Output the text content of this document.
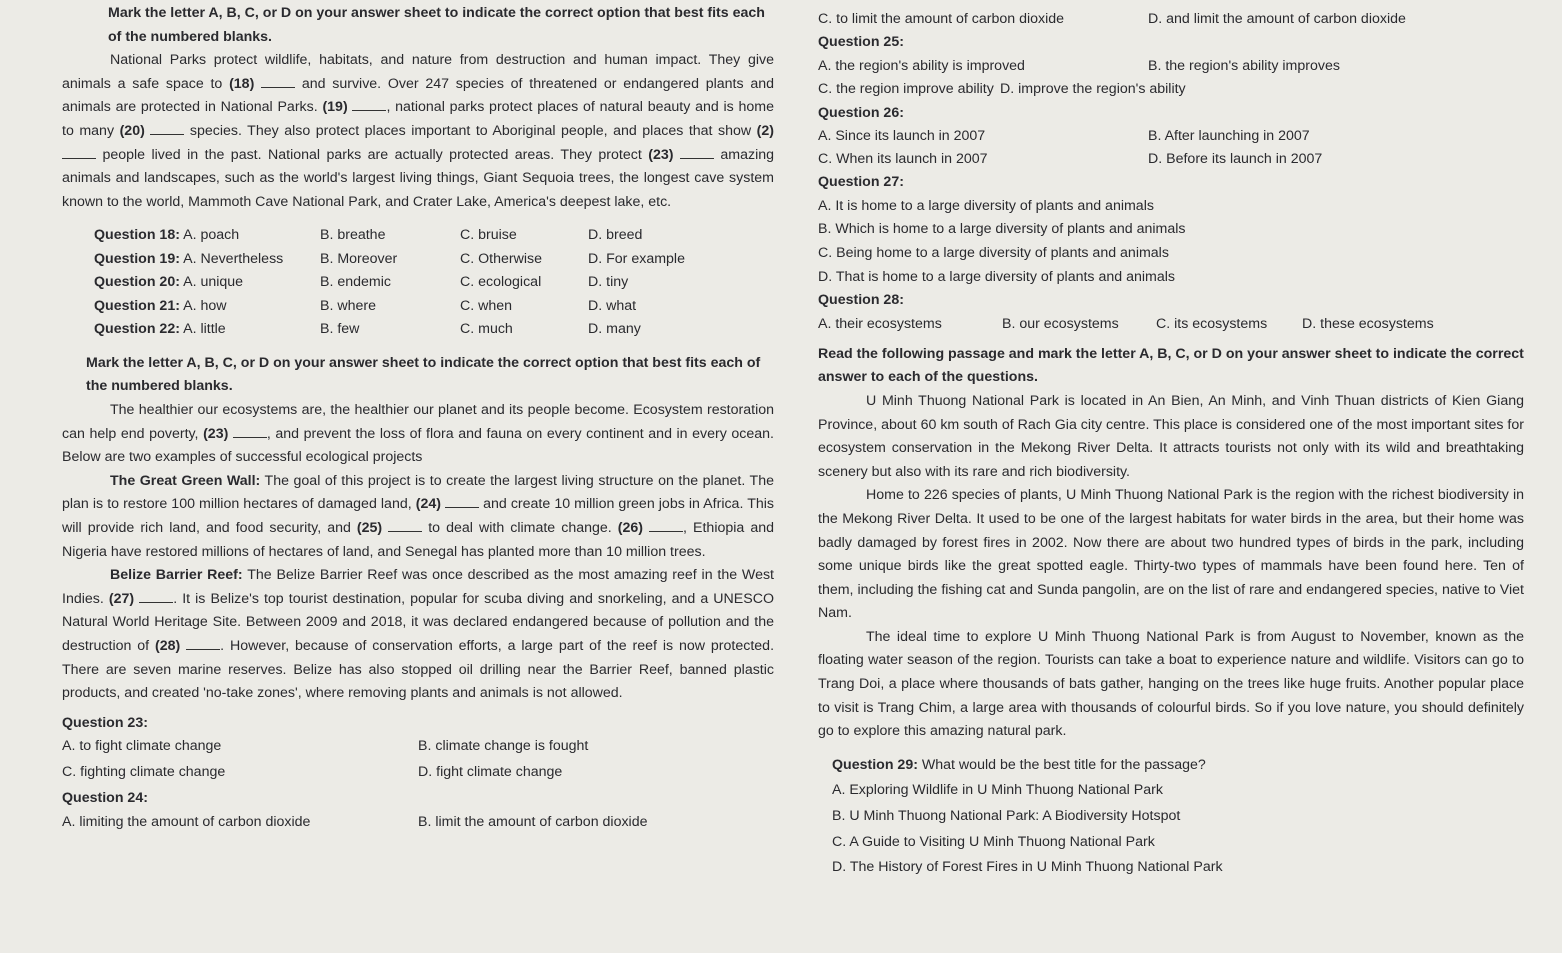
Mark the letter A, B, C, or D on your answer sheet to indicate the correct option that best fits each of the numbered blanks.

National Parks protect wildlife, habitats, and nature from destruction and human impact. They give animals a safe space to (18)  and survive. Over 247 species of threatened or endangered plants and animals are protected in National Parks. (19) , national parks protect places of natural beauty and is home to many (20)  species. They also protect places important to Aboriginal people, and places that show (2)  people lived in the past. National parks are actually protected areas. They protect (23)  amazing animals and landscapes, such as the world's largest living things, Giant Sequoia trees, the longest cave system known to the world, Mammoth Cave National Park, and Crater Lake, America's deepest lake, etc.

Question 18: A. poach	B. breathe	C. bruise	D. breed
Question 19: A. Nevertheless	B. Moreover	C. Otherwise	D. For example
Question 20: A. unique	B. endemic	C. ecological	D. tiny
Question 21: A. how	B. where	C. when	D. what
Question 22: A. little	B. few	C. much	D. many

Mark the letter A, B, C, or D on your answer sheet to indicate the correct option that best fits each of the numbered blanks.

The healthier our ecosystems are, the healthier our planet and its people become. Ecosystem restoration can help end poverty, (23) , and prevent the loss of flora and fauna on every continent and in every ocean. Below are two examples of successful ecological projects

The Great Green Wall: The goal of this project is to create the largest living structure on the planet. The plan is to restore 100 million hectares of damaged land, (24)  and create 10 million green jobs in Africa. This will provide rich land, and food security, and (25)  to deal with climate change. (26) , Ethiopia and Nigeria have restored millions of hectares of land, and Senegal has planted more than 10 million trees.

Belize Barrier Reef: The Belize Barrier Reef was once described as the most amazing reef in the West Indies. (27) . It is Belize's top tourist destination, popular for scuba diving and snorkeling, and a UNESCO Natural World Heritage Site. Between 2009 and 2018, it was declared endangered because of pollution and the destruction of (28) . However, because of conservation efforts, a large part of the reef is now protected. There are seven marine reserves. Belize has also stopped oil drilling near the Barrier Reef, banned plastic products, and created 'no-take zones', where removing plants and animals is not allowed.

Question 23:

A. to fight climate change	B. climate change is fought
C. fighting climate change	D. fight climate change

Question 24:

A. limiting the amount of carbon dioxide	B. limit the amount of carbon dioxide
C. to limit the amount of carbon dioxide	D. and limit the amount of carbon dioxide

Question 25:

A. the region's ability is improved	B. the region's ability improves
C. the region improve ability D. improve the region's ability

Question 26:

A. Since its launch in 2007	B. After launching in 2007
C. When its launch in 2007	D. Before its launch in 2007

Question 27:

A. It is home to a large diversity of plants and animals

B. Which is home to a large diversity of plants and animals

C. Being home to a large diversity of plants and animals

D. That is home to a large diversity of plants and animals

Question 28:

A. their ecosystems	B. our ecosystems	C. its ecosystems	D. these ecosystems

Read the following passage and mark the letter A, B, C, or D on your answer sheet to indicate the correct answer to each of the questions.

U Minh Thuong National Park is located in An Bien, An Minh, and Vinh Thuan districts of Kien Giang Province, about 60 km south of Rach Gia city centre. This place is considered one of the most important sites for ecosystem conservation in the Mekong River Delta. It attracts tourists not only with its wild and breathtaking scenery but also with its rare and rich biodiversity.

Home to 226 species of plants, U Minh Thuong National Park is the region with the richest biodiversity in the Mekong River Delta. It used to be one of the largest habitats for water birds in the area, but their home was badly damaged by forest fires in 2002. Now there are about two hundred types of birds in the park, including some unique birds like the great spotted eagle. Thirty-two types of mammals have been found here. Ten of them, including the fishing cat and Sunda pangolin, are on the list of rare and endangered species, native to Viet Nam.

The ideal time to explore U Minh Thuong National Park is from August to November, known as the floating water season of the region. Tourists can take a boat to experience nature and wildlife. Visitors can go to Trang Doi, a place where thousands of bats gather, hanging on the trees like huge fruits. Another popular place to visit is Trang Chim, a large area with thousands of colourful birds. So if you love nature, you should definitely go to explore this amazing natural park.

Question 29: What would be the best title for the passage?

A. Exploring Wildlife in U Minh Thuong National Park

B. U Minh Thuong National Park: A Biodiversity Hotspot

C. A Guide to Visiting U Minh Thuong National Park

D. The History of Forest Fires in U Minh Thuong National Park
